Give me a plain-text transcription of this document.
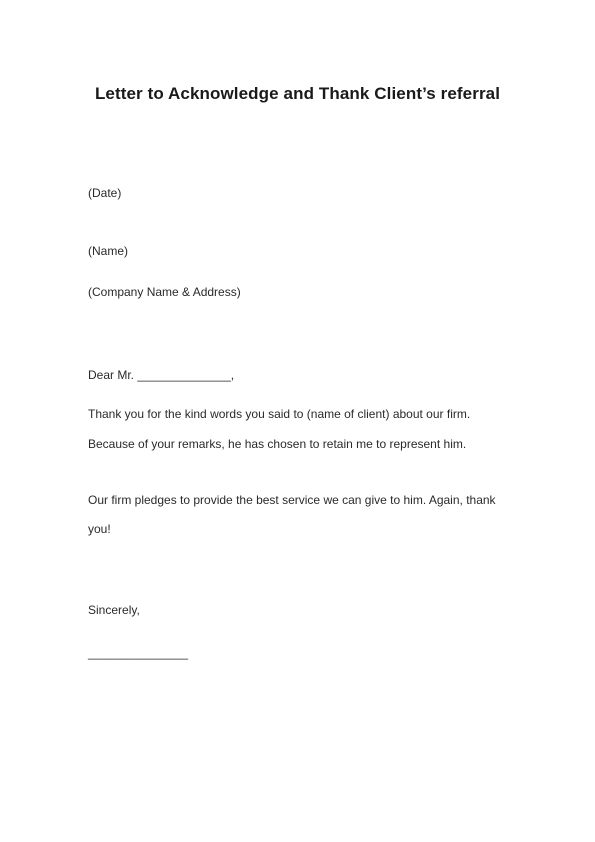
Letter to Acknowledge and Thank Client’s referral
(Date)
(Name)
(Company Name & Address)
Dear Mr. ______________,
Thank you for the kind words you said to (name of client) about our firm.
Because of your remarks, he has chosen to retain me to represent him.
Our firm pledges to provide the best service we can give to him. Again, thank
you!
Sincerely,
_______________
